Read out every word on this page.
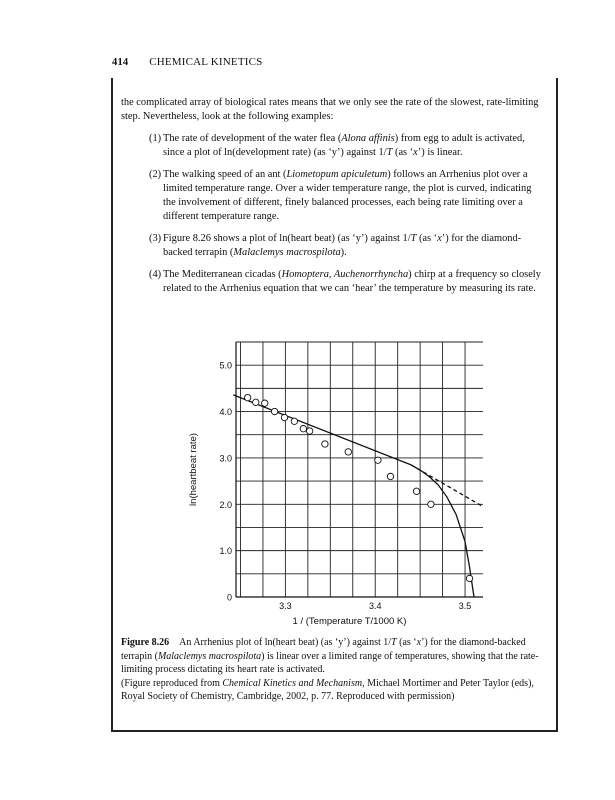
414 CHEMICAL KINETICS

the complicated array of biological rates means that we only see the rate of the slowest, rate-limiting step. Nevertheless, look at the following examples:

(1) The rate of development of the water flea (Alona affinis) from egg to adult is activated, since a plot of ln(development rate) (as ‘y’) against 1/T (as ‘x’) is linear.

(2) The walking speed of an ant (Liometopum apiculetum) follows an Arrhenius plot over a limited temperature range. Over a wider temperature range, the plot is curved, indicating the involvement of different, finely balanced processes, each being rate limiting over a different temperature range.

(3) Figure 8.26 shows a plot of ln(heart beat) (as ‘y’) against 1/T (as ‘x’) for the diamond-backed terrapin (Malaclemys macrospilota).

(4) The Mediterranean cicadas (Homoptera, Auchenorrhyncha) chirp at a frequency so closely related to the Arrhenius equation that we can ‘hear’ the temperature by measuring its rate.

0
1.0
2.0
3.0
4.0
5.0
3.3	3.4	3.5
1 / (Temperature T/1000 K)
ln(heartbeat rate)

Figure 8.26 An Arrhenius plot of ln(heart beat) (as ‘y’) against 1/T (as ‘x’) for the diamond-backed terrapin (Malaclemys macrospilota) is linear over a limited range of temperatures, showing that the rate-limiting process dictating its heart rate is activated.

(Figure reproduced from Chemical Kinetics and Mechanism, Michael Mortimer and Peter Taylor (eds), Royal Society of Chemistry, Cambridge, 2002, p. 77. Reproduced with permission)
